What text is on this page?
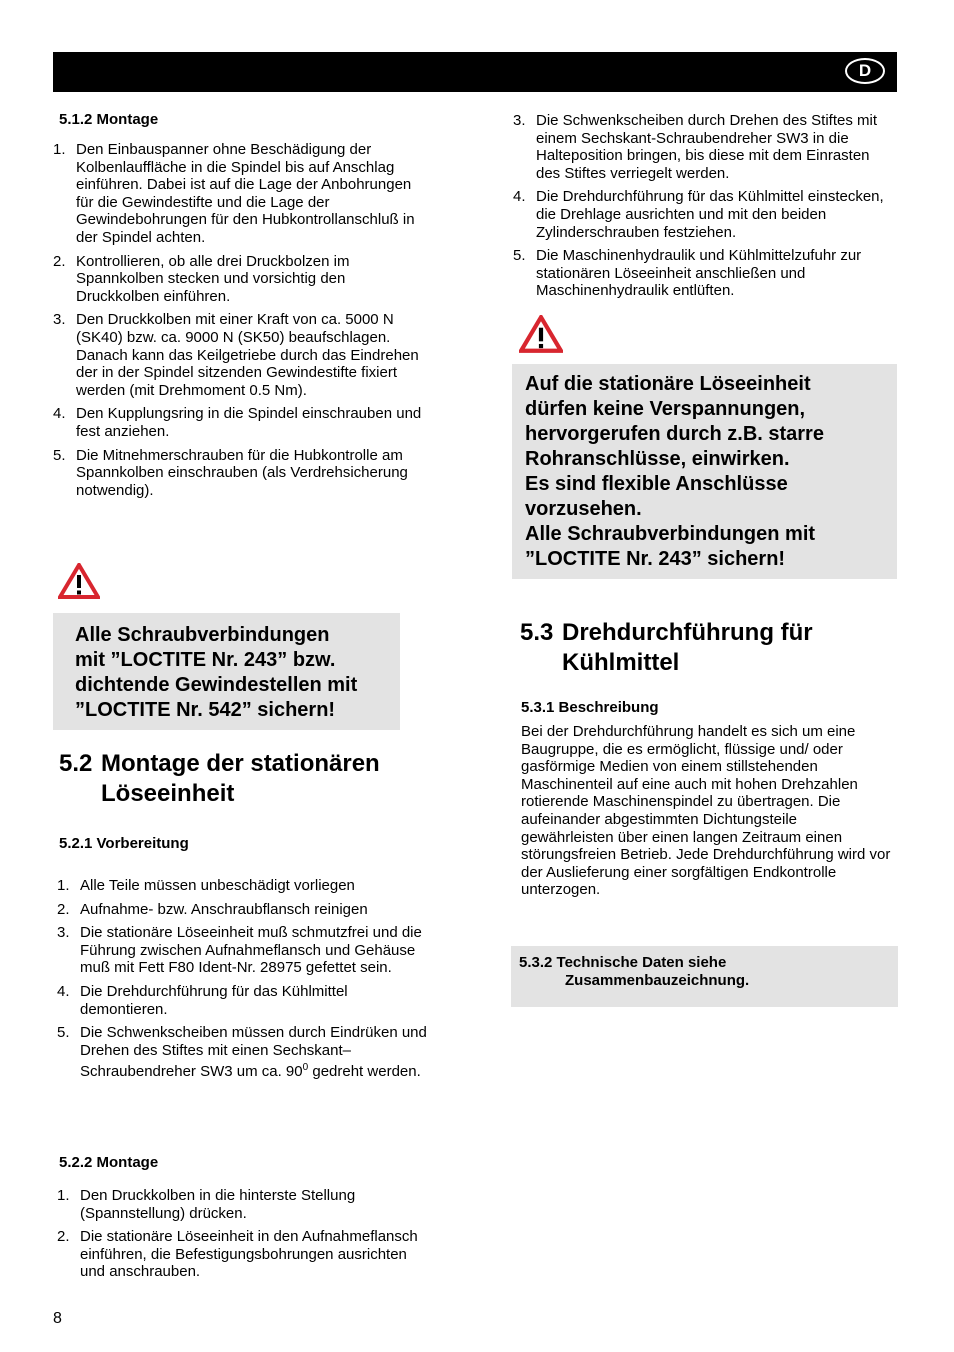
D
5.1.2 Montage
1. Den Einbauspanner ohne Beschädigung der Kolbenlauffläche in die Spindel bis auf Anschlag einführen. Dabei ist auf die Lage der Anbohrungen für die Gewindestifte und die Lage der Gewindebohrungen für den Hubkontrollanschluß in der Spindel achten.
2. Kontrollieren, ob alle drei Druckbolzen im Spannkolben stecken und vorsichtig den Druckkolben einführen.
3. Den Druckkolben mit einer Kraft von ca. 5000 N (SK40) bzw. ca. 9000 N (SK50) beaufschlagen. Danach kann das Keilgetriebe durch das Eindrehen der in der Spindel sitzenden Gewindestifte fixiert werden (mit Drehmoment 0.5 Nm).
4. Den Kupplungsring in die Spindel einschrauben und fest anziehen.
5. Die Mitnehmerschrauben für die Hubkontrolle am Spannkolben einschrauben (als Verdrehsicherung notwendig).
Alle Schraubverbindungen
mit ”LOCTITE Nr. 243” bzw.
dichtende Gewindestellen mit
”LOCTITE Nr. 542” sichern!
5.2 Montage der stationären
Löseeinheit
5.2.1 Vorbereitung
1. Alle Teile müssen unbeschädigt vorliegen
2. Aufnahme- bzw. Anschraubflansch reinigen
3. Die stationäre Löseeinheit muß schmutzfrei und die Führung zwischen Aufnahmeflansch und Gehäuse muß mit Fett F80 Ident-Nr. 28975 gefettet sein.
4. Die Drehdurchführung für das Kühlmittel demontieren.
5. Die Schwenkscheiben müssen durch Eindrüken und Drehen des Stiftes mit einen Sechskant–Schraubendreher SW3 um ca. $90^0$ gedreht werden.
5.2.2 Montage
1. Den Druckkolben in die hinterste Stellung (Spannstellung) drücken.
2. Die stationäre Löseeinheit in den Aufnahmeflansch einführen, die Befestigungsbohrungen ausrichten und anschrauben.
8
3. Die Schwenkscheiben durch Drehen des Stiftes mit einem Sechskant-Schraubendreher SW3 in die Halteposition bringen, bis diese mit dem Einrasten des Stiftes verriegelt werden.
4. Die Drehdurchführung für das Kühlmittel einstecken, die Drehlage ausrichten und mit den beiden Zylinderschrauben festziehen.
5. Die Maschinenhydraulik und Kühlmittelzufuhr zur stationären Löseeinheit anschließen und Maschinenhydraulik entlüften.
Auf die stationäre Löseeinheit
dürfen keine Verspannungen,
hervorgerufen durch z.B. starre
Rohranschlüsse, einwirken.
Es sind flexible Anschlüsse
vorzusehen.
Alle Schraubverbindungen mit
”LOCTITE Nr. 243” sichern!
5.3 Drehdurchführung für
Kühlmittel
5.3.1 Beschreibung
Bei der Drehdurchführung handelt es sich um eine Baugruppe, die es ermöglicht, flüssige und/ oder gasförmige Medien von einem stillstehenden Maschinenteil auf eine auch mit hohen Drehzahlen rotierende Maschinenspindel zu übertragen. Die aufeinander abgestimmten Dichtungsteile gewährleisten über einen langen Zeitraum einen störungsfreien Betrieb. Jede Drehdurchführung wird vor der Auslieferung einer sorgfältigen Endkontrolle unterzogen.
5.3.2 Technische Daten siehe
Zusammenbauzeichnung.
